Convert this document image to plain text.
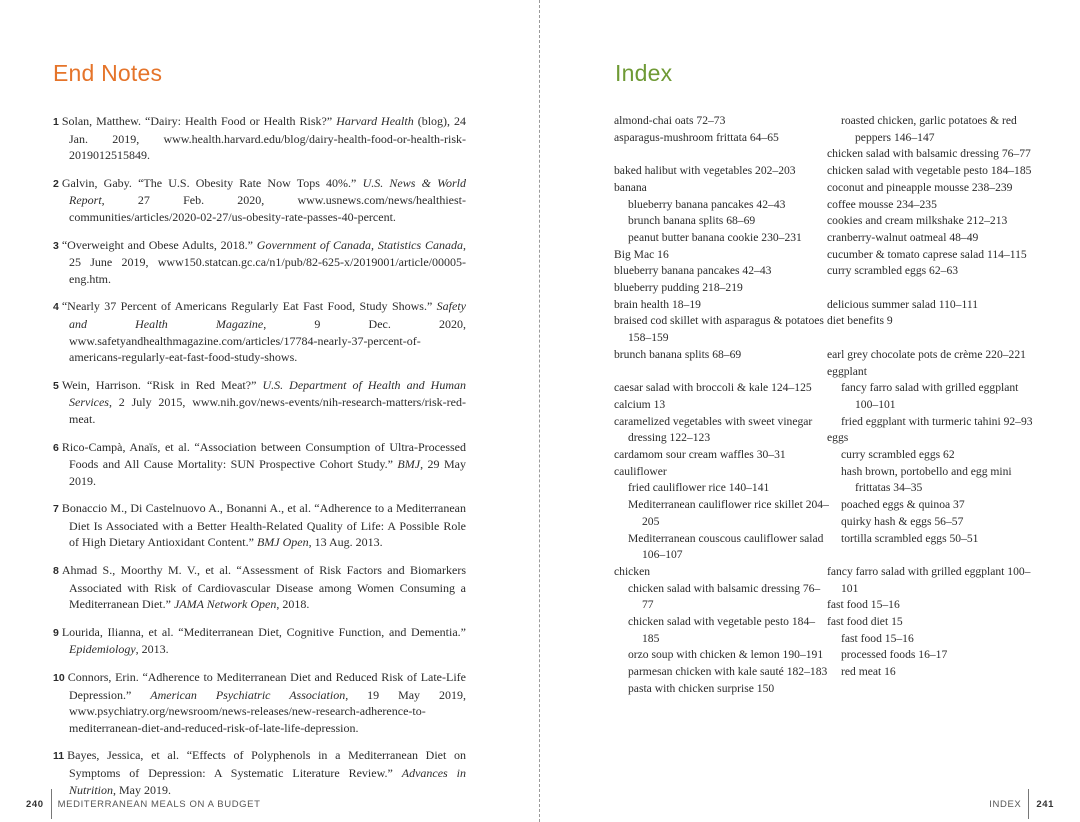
End Notes
1 Solan, Matthew. “Dairy: Health Food or Health Risk?” Harvard Health (blog), 24 Jan. 2019, www.health.harvard.edu/blog/dairy-health-food-or-health-risk-2019012515849.
2 Galvin, Gaby. “The U.S. Obesity Rate Now Tops 40%.” U.S. News & World Report, 27 Feb. 2020, www.usnews.com/news/healthiest-communities/articles/2020-02-27/us-obesity-rate-passes-40-percent.
3 “Overweight and Obese Adults, 2018.” Government of Canada, Statistics Canada, 25 June 2019, www150.statcan.gc.ca/n1/pub/82-625-x/2019001/article/00005-eng.htm.
4 “Nearly 37 Percent of Americans Regularly Eat Fast Food, Study Shows.” Safety and Health Magazine, 9 Dec. 2020, www.safetyandhealthmagazine.com/articles/17784-nearly-37-percent-of-americans-regularly-eat-fast-food-study-shows.
5 Wein, Harrison. “Risk in Red Meat?” U.S. Department of Health and Human Services, 2 July 2015, www.nih.gov/news-events/nih-research-matters/risk-red-meat.
6 Rico-Campà, Anaïs, et al. “Association between Consumption of Ultra-Processed Foods and All Cause Mortality: SUN Prospective Cohort Study.” BMJ, 29 May 2019.
7 Bonaccio M., Di Castelnuovo A., Bonanni A., et al. “Adherence to a Mediterranean Diet Is Associated with a Better Health-Related Quality of Life: A Possible Role of High Dietary Antioxidant Content.” BMJ Open, 13 Aug. 2013.
8 Ahmad S., Moorthy M. V., et al. “Assessment of Risk Factors and Biomarkers Associated with Risk of Cardiovascular Disease among Women Consuming a Mediterranean Diet.” JAMA Network Open, 2018.
9 Lourida, Ilianna, et al. “Mediterranean Diet, Cognitive Function, and Dementia.” Epidemiology, 2013.
10 Connors, Erin. “Adherence to Mediterranean Diet and Reduced Risk of Late-Life Depression.” American Psychiatric Association, 19 May 2019, www.psychiatry.org/newsroom/news-releases/new-research-adherence-to-mediterranean-diet-and-reduced-risk-of-late-life-depression.
11 Bayes, Jessica, et al. “Effects of Polyphenols in a Mediterranean Diet on Symptoms of Depression: A Systematic Literature Review.” Advances in Nutrition, May 2019.
240 MEDITERRANEAN MEALS ON A BUDGET
Index
almond-chai oats 72–73
asparagus-mushroom frittata 64–65
baked halibut with vegetables 202–203
banana
blueberry banana pancakes 42–43
brunch banana splits 68–69
peanut butter banana cookie 230–231
Big Mac 16
blueberry banana pancakes 42–43
blueberry pudding 218–219
brain health 18–19
braised cod skillet with asparagus & potatoes 158–159
brunch banana splits 68–69
caesar salad with broccoli & kale 124–125
calcium 13
caramelized vegetables with sweet vinegar dressing 122–123
cardamom sour cream waffles 30–31
cauliflower
fried cauliflower rice 140–141
Mediterranean cauliflower rice skillet 204–205
Mediterranean couscous cauliflower salad 106–107
chicken
chicken salad with balsamic dressing 76–77
chicken salad with vegetable pesto 184–185
orzo soup with chicken & lemon 190–191
parmesan chicken with kale sauté 182–183
pasta with chicken surprise 150
roasted chicken, garlic potatoes & red peppers 146–147
chicken salad with balsamic dressing 76–77
chicken salad with vegetable pesto 184–185
coconut and pineapple mousse 238–239
coffee mousse 234–235
cookies and cream milkshake 212–213
cranberry-walnut oatmeal 48–49
cucumber & tomato caprese salad 114–115
curry scrambled eggs 62–63
delicious summer salad 110–111
diet benefits 9
earl grey chocolate pots de crème 220–221
eggplant
fancy farro salad with grilled eggplant 100–101
fried eggplant with turmeric tahini 92–93
eggs
curry scrambled eggs 62
hash brown, portobello and egg mini frittatas 34–35
poached eggs & quinoa 37
quirky hash & eggs 56–57
tortilla scrambled eggs 50–51
fancy farro salad with grilled eggplant 100–101
fast food 15–16
fast food diet 15
fast food 15–16
processed foods 16–17
red meat 16
INDEX 241
